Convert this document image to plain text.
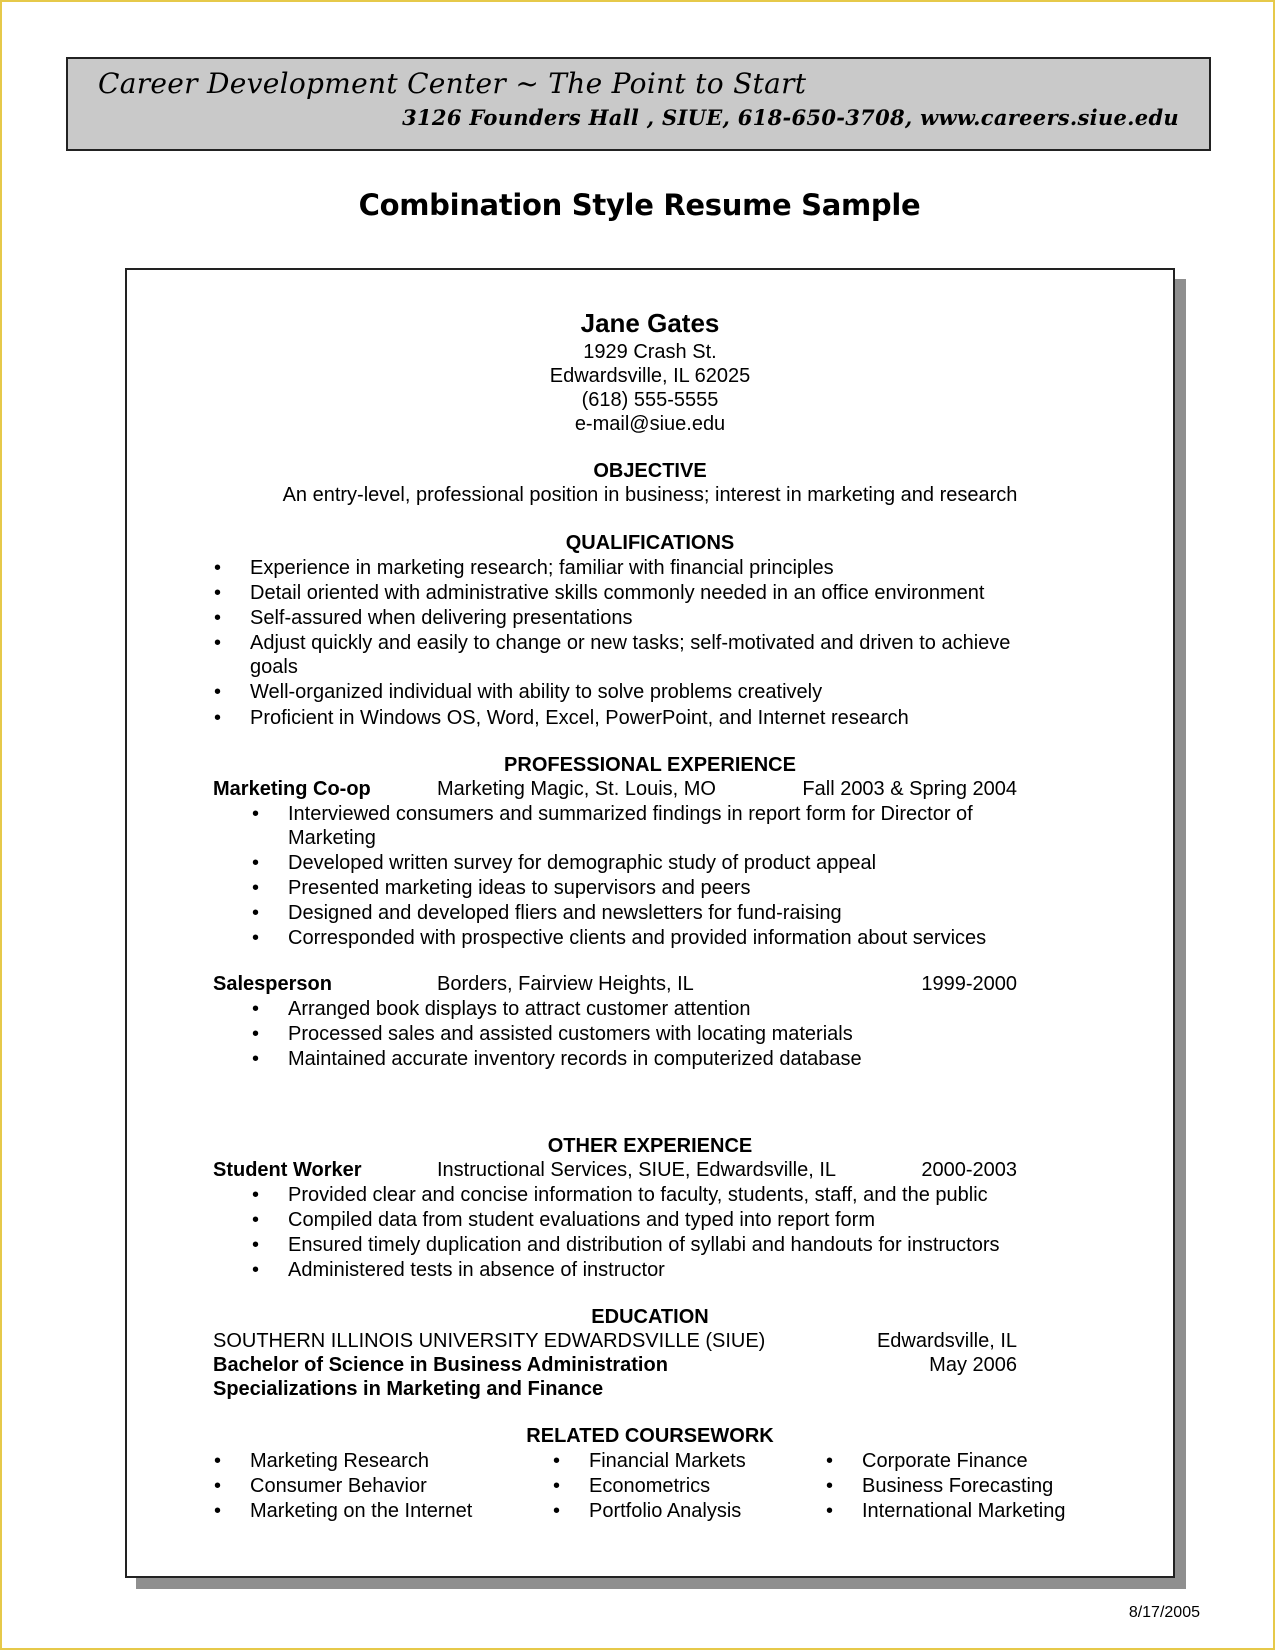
Career Development Center ~ The Point to Start
3126 Founders Hall , SIUE, 618-650-3708, www.careers.siue.edu
Combination Style Resume Sample
Jane Gates
1929 Crash St.
Edwardsville, IL 62025
(618) 555-5555
e-mail@siue.edu
OBJECTIVE
An entry-level, professional position in business; interest in marketing and research
QUALIFICATIONS
• Experience in marketing research; familiar with financial principles
• Detail oriented with administrative skills commonly needed in an office environment
• Self-assured when delivering presentations
• Adjust quickly and easily to change or new tasks; self-motivated and driven to achieve
goals
• Well-organized individual with ability to solve problems creatively
• Proficient in Windows OS, Word, Excel, PowerPoint, and Internet research
PROFESSIONAL EXPERIENCE
Marketing Co-op	Marketing Magic, St. Louis, MO	Fall 2003 & Spring 2004
• Interviewed consumers and summarized findings in report form for Director of
Marketing
• Developed written survey for demographic study of product appeal
• Presented marketing ideas to supervisors and peers
• Designed and developed fliers and newsletters for fund-raising
• Corresponded with prospective clients and provided information about services
Salesperson	Borders, Fairview Heights, IL	1999-2000
• Arranged book displays to attract customer attention
• Processed sales and assisted customers with locating materials
• Maintained accurate inventory records in computerized database
OTHER EXPERIENCE
Student Worker	Instructional Services, SIUE, Edwardsville, IL	2000-2003
• Provided clear and concise information to faculty, students, staff, and the public
• Compiled data from student evaluations and typed into report form
• Ensured timely duplication and distribution of syllabi and handouts for instructors
• Administered tests in absence of instructor
EDUCATION
SOUTHERN ILLINOIS UNIVERSITY EDWARDSVILLE (SIUE)	Edwardsville, IL
Bachelor of Science in Business Administration	May 2006
Specializations in Marketing and Finance
RELATED COURSEWORK
• Marketing Research
• Consumer Behavior
• Marketing on the Internet
• Financial Markets
• Econometrics
• Portfolio Analysis
• Corporate Finance
• Business Forecasting
• International Marketing
8/17/2005
